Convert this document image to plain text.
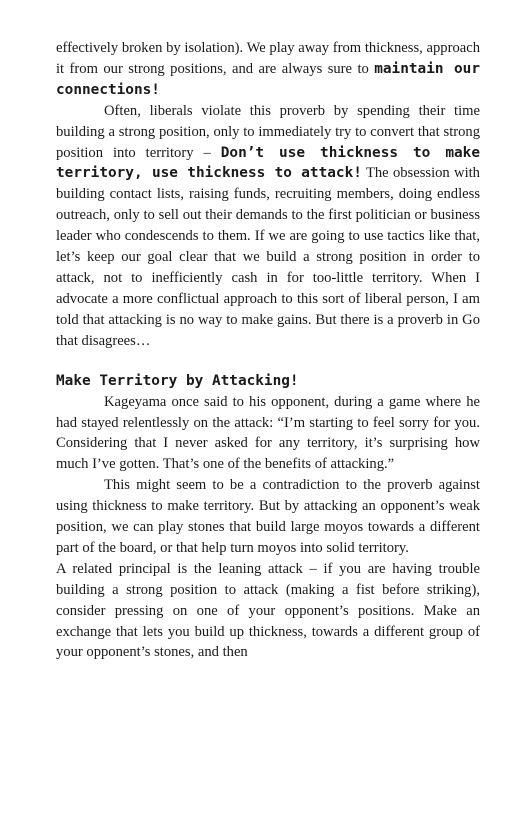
effectively broken by isolation). We play away from thickness, approach it from our strong positions, and are always sure to maintain our connections!

Often, liberals violate this proverb by spending their time building a strong position, only to immediately try to convert that strong position into territory – Don’t use thickness to make territory, use thickness to attack! The obsession with building contact lists, raising funds, recruiting members, doing endless outreach, only to sell out their demands to the first politician or business leader who condescends to them. If we are going to use tactics like that, let’s keep our goal clear that we build a strong position in order to attack, not to inefficiently cash in for too-little territory. When I advocate a more conflictual approach to this sort of liberal person, I am told that attacking is no way to make gains. But there is a proverb in Go that disagrees…

Make Territory by Attacking!

Kageyama once said to his opponent, during a game where he had stayed relentlessly on the attack: “I’m starting to feel sorry for you. Considering that I never asked for any territory, it’s surprising how much I’ve gotten. That’s one of the benefits of attacking.”

This might seem to be a contradiction to the proverb against using thickness to make territory. But by attacking an opponent’s weak position, we can play stones that build large moyos towards a different part of the board, or that help turn moyos into solid territory.

A related principal is the leaning attack – if you are having trouble building a strong position to attack (making a fist before striking), consider pressing on one of your opponent’s positions. Make an exchange that lets you build up thickness, towards a different group of your opponent’s stones, and then
